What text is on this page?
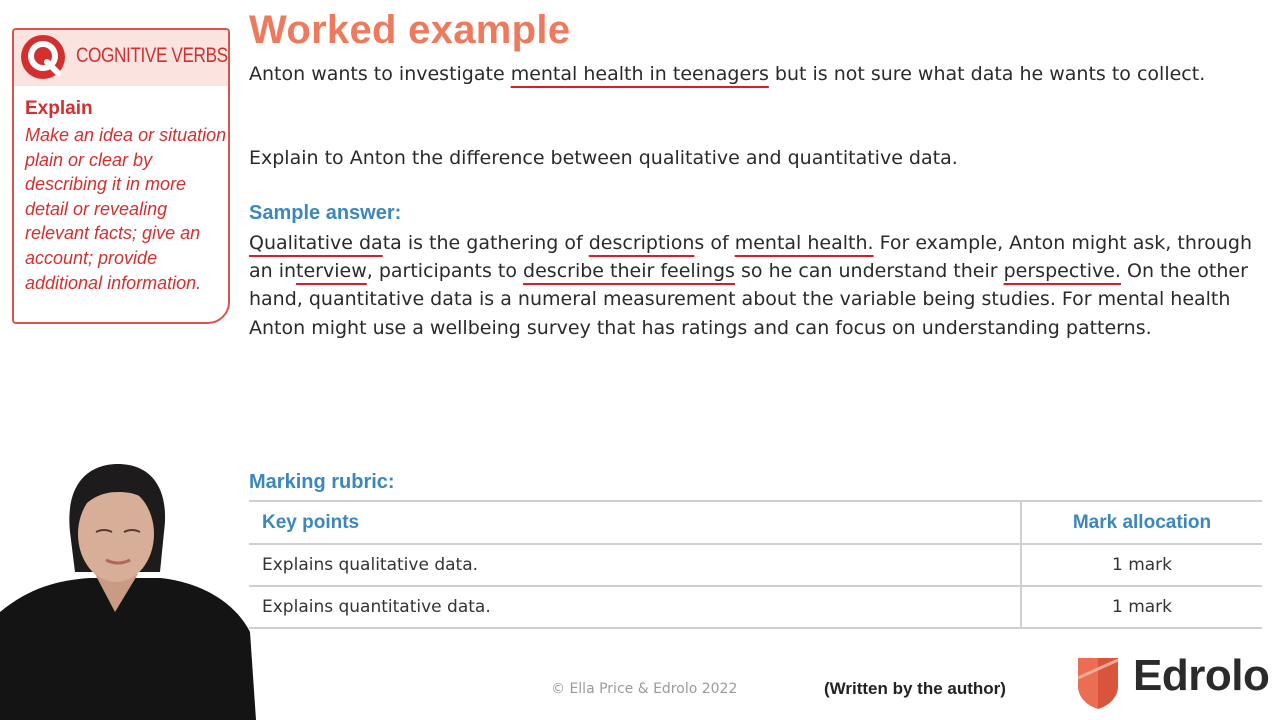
COGNITIVE VERBS
Explain
Make an idea or situation plain or clear by describing it in more detail or revealing relevant facts; give an account; provide additional information.
Worked example
Anton wants to investigate mental health in teenagers but is not sure what data he wants to collect.
Explain to Anton the difference between qualitative and quantitative data.
Sample answer:
Qualitative data is the gathering of descriptions of mental health. For example, Anton might ask, through an interview, participants to describe their feelings so he can understand their perspective. On the other hand, quantitative data is a numeral measurement about the variable being studies. For mental health Anton might use a wellbeing survey that has ratings and can focus on understanding patterns.
Marking rubric:
Key points	Mark allocation
Explains qualitative data.	1 mark
Explains quantitative data.	1 mark
© Ella Price & Edrolo 2022	(Written by the author)	Edrolo
